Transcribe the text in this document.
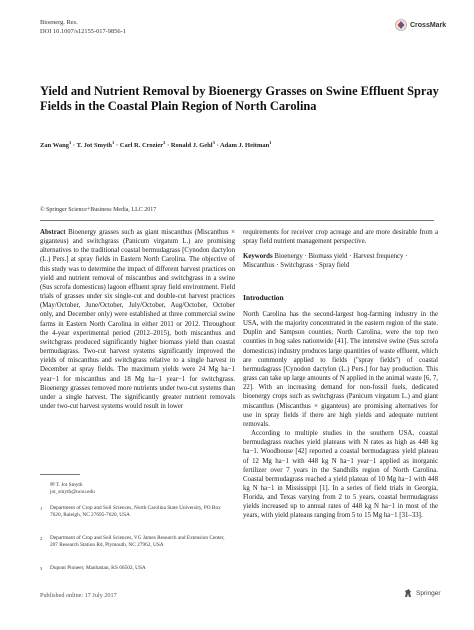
Bioenerg. Res.
DOI 10.1007/s12155-017-9856-1
CrossMark
Yield and Nutrient Removal by Bioenergy Grasses on Swine Effluent Spray Fields in the Coastal Plain Region of North Carolina
Zan Wang$^1$ · T. Jot Smyth$^1$ · Carl R. Crozier$^2$ · Ronald J. Gehl$^3$ · Adam J. Heitman$^1$
© Springer Science+Business Media, LLC 2017

Abstract Bioenergy grasses such as giant miscanthus (Miscanthus × giganteus) and switchgrass (Panicum virgatum L.) are promising alternatives to the traditional coastal bermudagrass [Cynodon dactylon (L.) Pers.] at spray fields in Eastern North Carolina. The objective of this study was to determine the impact of different harvest practices on yield and nutrient removal of miscanthus and switchgrass in a swine (Sus scrofa domesticus) lagoon effluent spray field environment. Field trials of grasses under six single-cut and double-cut harvest practices (May/October, June/October, July/October, Aug/October, October only, and December only) were established at three commercial swine farms in Eastern North Carolina in either 2011 or 2012. Throughout the 4-year experimental period (2012–2015), both miscanthus and switchgrass produced significantly higher biomass yield than coastal bermudagrass. Two-cut harvest systems significantly improved the yields of miscanthus and switchgrass relative to a single harvest in December at spray fields. The maximum yields were 24 Mg ha−1 year−1 for miscanthus and 18 Mg ha−1 year−1 for switchgrass. Bioenergy grasses removed more nutrients under two-cut systems than under a single harvest. The significantly greater nutrient removals under two-cut harvest systems would result in lower

✉ T. Jot Smyth
jot_smyth@ncsu.edu
1	Department of Crop and Soil Sciences, North Carolina State University, PO Box 7620, Raleigh, NC 27695-7620, USA
2	Department of Crop and Soil Sciences, VG James Research and Extension Center, 207 Research Station Rd, Plymouth, NC 27962, USA
3	Dupont Pioneer, Manhattan, KS 66502, USA
Published online: 17 July 2017	Springer
requirements for receiver crop acreage and are more desirable from a spray field nutrient management perspective.
Keywords Bioenergy · Biomass yield · Harvest frequency · Miscanthus · Switchgrass · Spray field
Introduction

North Carolina has the second-largest hog-farming industry in the USA, with the majority concentrated in the eastern region of the state. Duplin and Sampson counties, North Carolina, were the top two counties in hog sales nationwide [41]. The intensive swine (Sus scrofa domesticus) industry produces large quantities of waste effluent, which are commonly applied to fields ("spray fields") of coastal bermudagrass [Cynodon dactylon (L.) Pers.] for hay production. This grass can take up large amounts of N applied in the animal waste [6, 7, 22]. With an increasing demand for non-fossil fuels, dedicated bioenergy crops such as switchgrass (Panicum virgatum L.) and giant miscanthus (Miscanthus × giganteus) are promising alternatives for use in spray fields if there are high yields and adequate nutrient removals.

According to multiple studies in the southern USA, coastal bermudagrass reaches yield plateaus with N rates as high as 448 kg ha−1. Woodhouse [42] reported a coastal bermudagrass yield plateau of 12 Mg ha−1 with 448 kg N ha−1 year−1 applied as inorganic fertilizer over 7 years in the Sandhills region of North Carolina. Coastal bermudagrass reached a yield plateau of 10 Mg ha−1 with 448 kg N ha−1 in Mississippi [1]. In a series of field trials in Georgia, Florida, and Texas varying from 2 to 5 years, coastal bermudagrass yields increased up to annual rates of 448 kg N ha−1 in most of the years, with yield plateaus ranging from 5 to 15 Mg ha−1 [31–33].
